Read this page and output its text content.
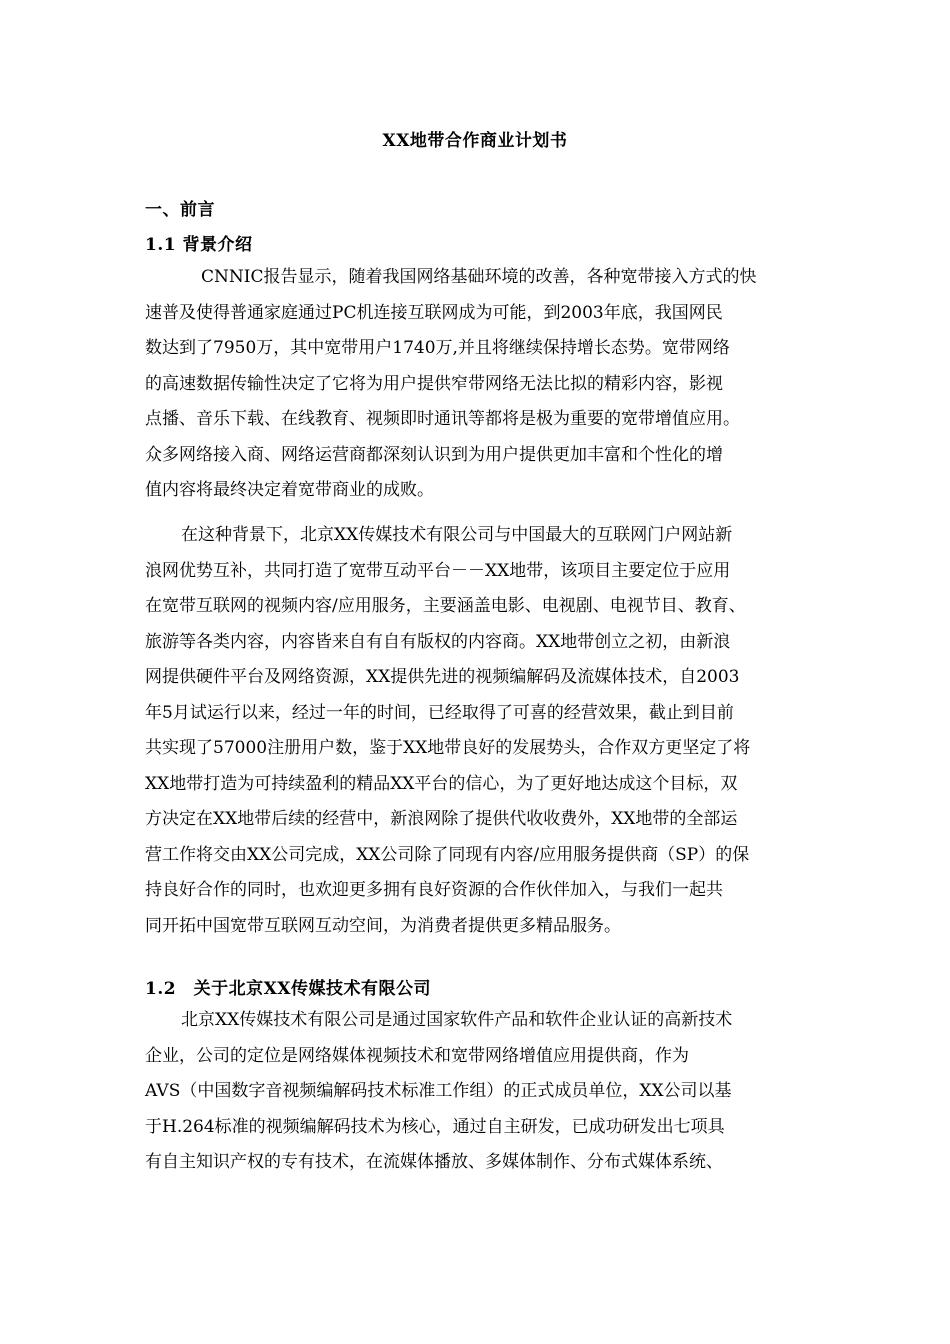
XX地带合作商业计划书
一、前言
1.1 背景介绍
CNNIC报告显示，随着我国网络基础环境的改善，各种宽带接入方式的快
速普及使得普通家庭通过PC机连接互联网成为可能，到2003年底，我国网民
数达到了7950万，其中宽带用户1740万,并且将继续保持增长态势。宽带网络
的高速数据传输性决定了它将为用户提供窄带网络无法比拟的精彩内容，影视
点播、音乐下载、在线教育、视频即时通讯等都将是极为重要的宽带增值应用。
众多网络接入商、网络运营商都深刻认识到为用户提供更加丰富和个性化的增
值内容将最终决定着宽带商业的成败。
在这种背景下，北京XX传媒技术有限公司与中国最大的互联网门户网站新
浪网优势互补，共同打造了宽带互动平台－－XX地带，该项目主要定位于应用
在宽带互联网的视频内容/应用服务，主要涵盖电影、电视剧、电视节目、教育、
旅游等各类内容，内容皆来自有自有版权的内容商。XX地带创立之初，由新浪
网提供硬件平台及网络资源，XX提供先进的视频编解码及流媒体技术，自2003
年5月试运行以来，经过一年的时间，已经取得了可喜的经营效果，截止到目前
共实现了57000注册用户数，鉴于XX地带良好的发展势头，合作双方更坚定了将
XX地带打造为可持续盈利的精品XX平台的信心，为了更好地达成这个目标，双
方决定在XX地带后续的经营中，新浪网除了提供代收收费外，XX地带的全部运
营工作将交由XX公司完成，XX公司除了同现有内容/应用服务提供商（SP）的保
持良好合作的同时，也欢迎更多拥有良好资源的合作伙伴加入，与我们一起共
同开拓中国宽带互联网互动空间，为消费者提供更多精品服务。
1.2　关于北京XX传媒技术有限公司
北京XX传媒技术有限公司是通过国家软件产品和软件企业认证的高新技术
企业，公司的定位是网络媒体视频技术和宽带网络增值应用提供商，作为
AVS（中国数字音视频编解码技术标准工作组）的正式成员单位，XX公司以基
于H.264标准的视频编解码技术为核心，通过自主研发，已成功研发出七项具
有自主知识产权的专有技术，在流媒体播放、多媒体制作、分布式媒体系统、
